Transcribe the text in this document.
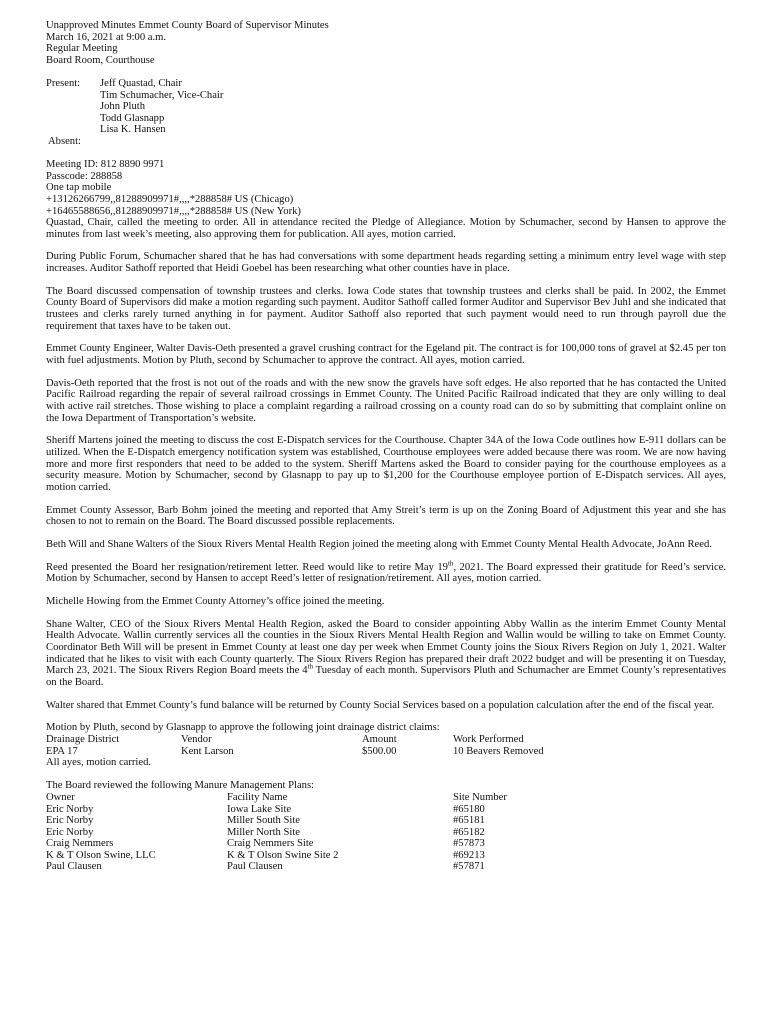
Unapproved Minutes Emmet County Board of Supervisor Minutes
March 16, 2021 at 9:00 a.m.
Regular Meeting
Board Room, Courthouse
Present:	Jeff Quastad, Chair
Tim Schumacher, Vice-Chair
John Pluth
Todd Glasnapp
Lisa K. Hansen
Absent:
Meeting ID: 812 8890 9971
Passcode: 288858
One tap mobile
+13126266799,,81288909971#,,,,*288858# US (Chicago)
+16465588656,,81288909971#,,,,*288858# US (New York)

Quastad, Chair, called the meeting to order. All in attendance recited the Pledge of Allegiance. Motion by Schumacher, second by Hansen to approve the minutes from last week’s meeting, also approving them for publication. All ayes, motion carried.

During Public Forum, Schumacher shared that he has had conversations with some department heads regarding setting a minimum entry level wage with step increases. Auditor Sathoff reported that Heidi Goebel has been researching what other counties have in place.

The Board discussed compensation of township trustees and clerks. Iowa Code states that township trustees and clerks shall be paid. In 2002, the Emmet County Board of Supervisors did make a motion regarding such payment. Auditor Sathoff called former Auditor and Supervisor Bev Juhl and she indicated that trustees and clerks rarely turned anything in for payment. Auditor Sathoff also reported that such payment would need to run through payroll due the requirement that taxes have to be taken out.

Emmet County Engineer, Walter Davis-Oeth presented a gravel crushing contract for the Egeland pit. The contract is for 100,000 tons of gravel at $2.45 per ton with fuel adjustments. Motion by Pluth, second by Schumacher to approve the contract. All ayes, motion carried.

Davis-Oeth reported that the frost is not out of the roads and with the new snow the gravels have soft edges. He also reported that he has contacted the United Pacific Railroad regarding the repair of several railroad crossings in Emmet County. The United Pacific Railroad indicated that they are only willing to deal with active rail stretches. Those wishing to place a complaint regarding a railroad crossing on a county road can do so by submitting that complaint online on the Iowa Department of Transportation’s website.

Sheriff Martens joined the meeting to discuss the cost E-Dispatch services for the Courthouse. Chapter 34A of the Iowa Code outlines how E-911 dollars can be utilized. When the E-Dispatch emergency notification system was established, Courthouse employees were added because there was room. We are now having more and more first responders that need to be added to the system. Sheriff Martens asked the Board to consider paying for the courthouse employees as a security measure. Motion by Schumacher, second by Glasnapp to pay up to $1,200 for the Courthouse employee portion of E-Dispatch services. All ayes, motion carried.

Emmet County Assessor, Barb Bohm joined the meeting and reported that Amy Streit’s term is up on the Zoning Board of Adjustment this year and she has chosen to not to remain on the Board. The Board discussed possible replacements.

Beth Will and Shane Walters of the Sioux Rivers Mental Health Region joined the meeting along with Emmet County Mental Health Advocate, JoAnn Reed.

Reed presented the Board her resignation/retirement letter. Reed would like to retire May 19th, 2021. The Board expressed their gratitude for Reed’s service. Motion by Schumacher, second by Hansen to accept Reed’s letter of resignation/retirement. All ayes, motion carried.

Michelle Howing from the Emmet County Attorney’s office joined the meeting.

Shane Walter, CEO of the Sioux Rivers Mental Health Region, asked the Board to consider appointing Abby Wallin as the interim Emmet County Mental Health Advocate. Wallin currently services all the counties in the Sioux Rivers Mental Health Region and Wallin would be willing to take on Emmet County. Coordinator Beth Will will be present in Emmet County at least one day per week when Emmet County joins the Sioux Rivers Region on July 1, 2021. Walter indicated that he likes to visit with each County quarterly. The Sioux Rivers Region has prepared their draft 2022 budget and will be presenting it on Tuesday, March 23, 2021. The Sioux Rivers Region Board meets the 4th Tuesday of each month. Supervisors Pluth and Schumacher are Emmet County’s representatives on the Board.

Walter shared that Emmet County’s fund balance will be returned by County Social Services based on a population calculation after the end of the fiscal year.

Motion by Pluth, second by Glasnapp to approve the following joint drainage district claims:
Drainage District	Vendor	Amount	Work Performed
EPA 17	Kent Larson	$500.00	10 Beavers Removed
All ayes, motion carried.
The Board reviewed the following Manure Management Plans:
Owner	Facility Name	Site Number
Eric Norby	Iowa Lake Site	#65180
Eric Norby	Miller South Site	#65181
Eric Norby	Miller North Site	#65182
Craig Nemmers	Craig Nemmers Site	#57873
K & T Olson Swine, LLC	K & T Olson Swine Site 2	#69213
Paul Clausen	Paul Clausen	#57871
